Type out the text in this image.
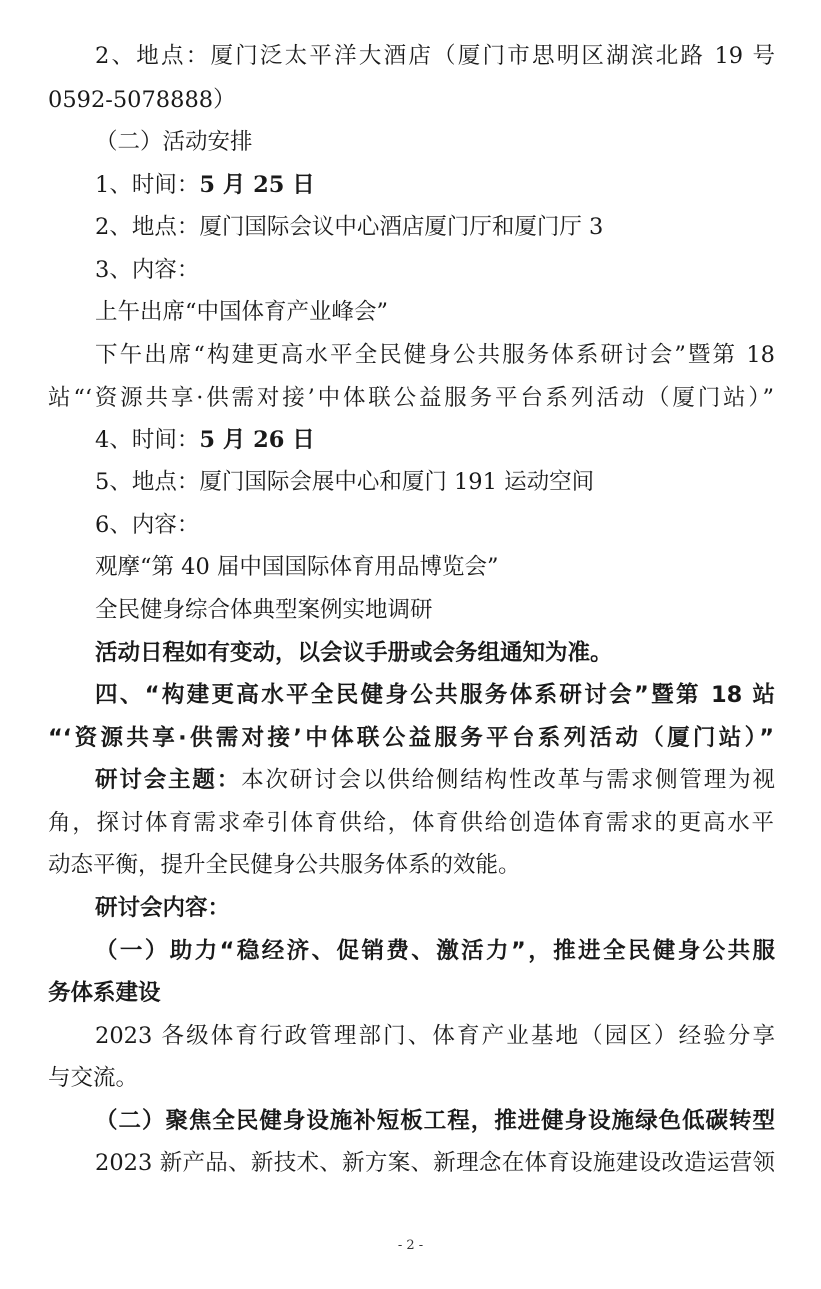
2、地点：厦门泛太平洋大酒店（厦门市思明区湖滨北路 19 号
0592-5078888）
（二）活动安排
1、时间：5 月 25 日
2、地点：厦门国际会议中心酒店厦门厅和厦门厅 3
3、内容：
上午出席“中国体育产业峰会”
下午出席“构建更高水平全民健身公共服务体系研讨会”暨第 18
站“‘资源共享·供需对接’中体联公益服务平台系列活动（厦门站）”
4、时间：5 月 26 日
5、地点：厦门国际会展中心和厦门 191 运动空间
6、内容：
观摩“第 40 届中国国际体育用品博览会”
全民健身综合体典型案例实地调研
活动日程如有变动，以会议手册或会务组通知为准。
四、“构建更高水平全民健身公共服务体系研讨会”暨第 18 站
“‘资源共享·供需对接’中体联公益服务平台系列活动（厦门站）”
研讨会主题：本次研讨会以供给侧结构性改革与需求侧管理为视
角，探讨体育需求牵引体育供给，体育供给创造体育需求的更高水平
动态平衡，提升全民健身公共服务体系的效能。
研讨会内容：
（一）助力“稳经济、促销费、激活力”，推进全民健身公共服
务体系建设
2023 各级体育行政管理部门、体育产业基地（园区）经验分享
与交流。
（二）聚焦全民健身设施补短板工程，推进健身设施绿色低碳转型
2023 新产品、新技术、新方案、新理念在体育设施建设改造运营领
- 2 -
